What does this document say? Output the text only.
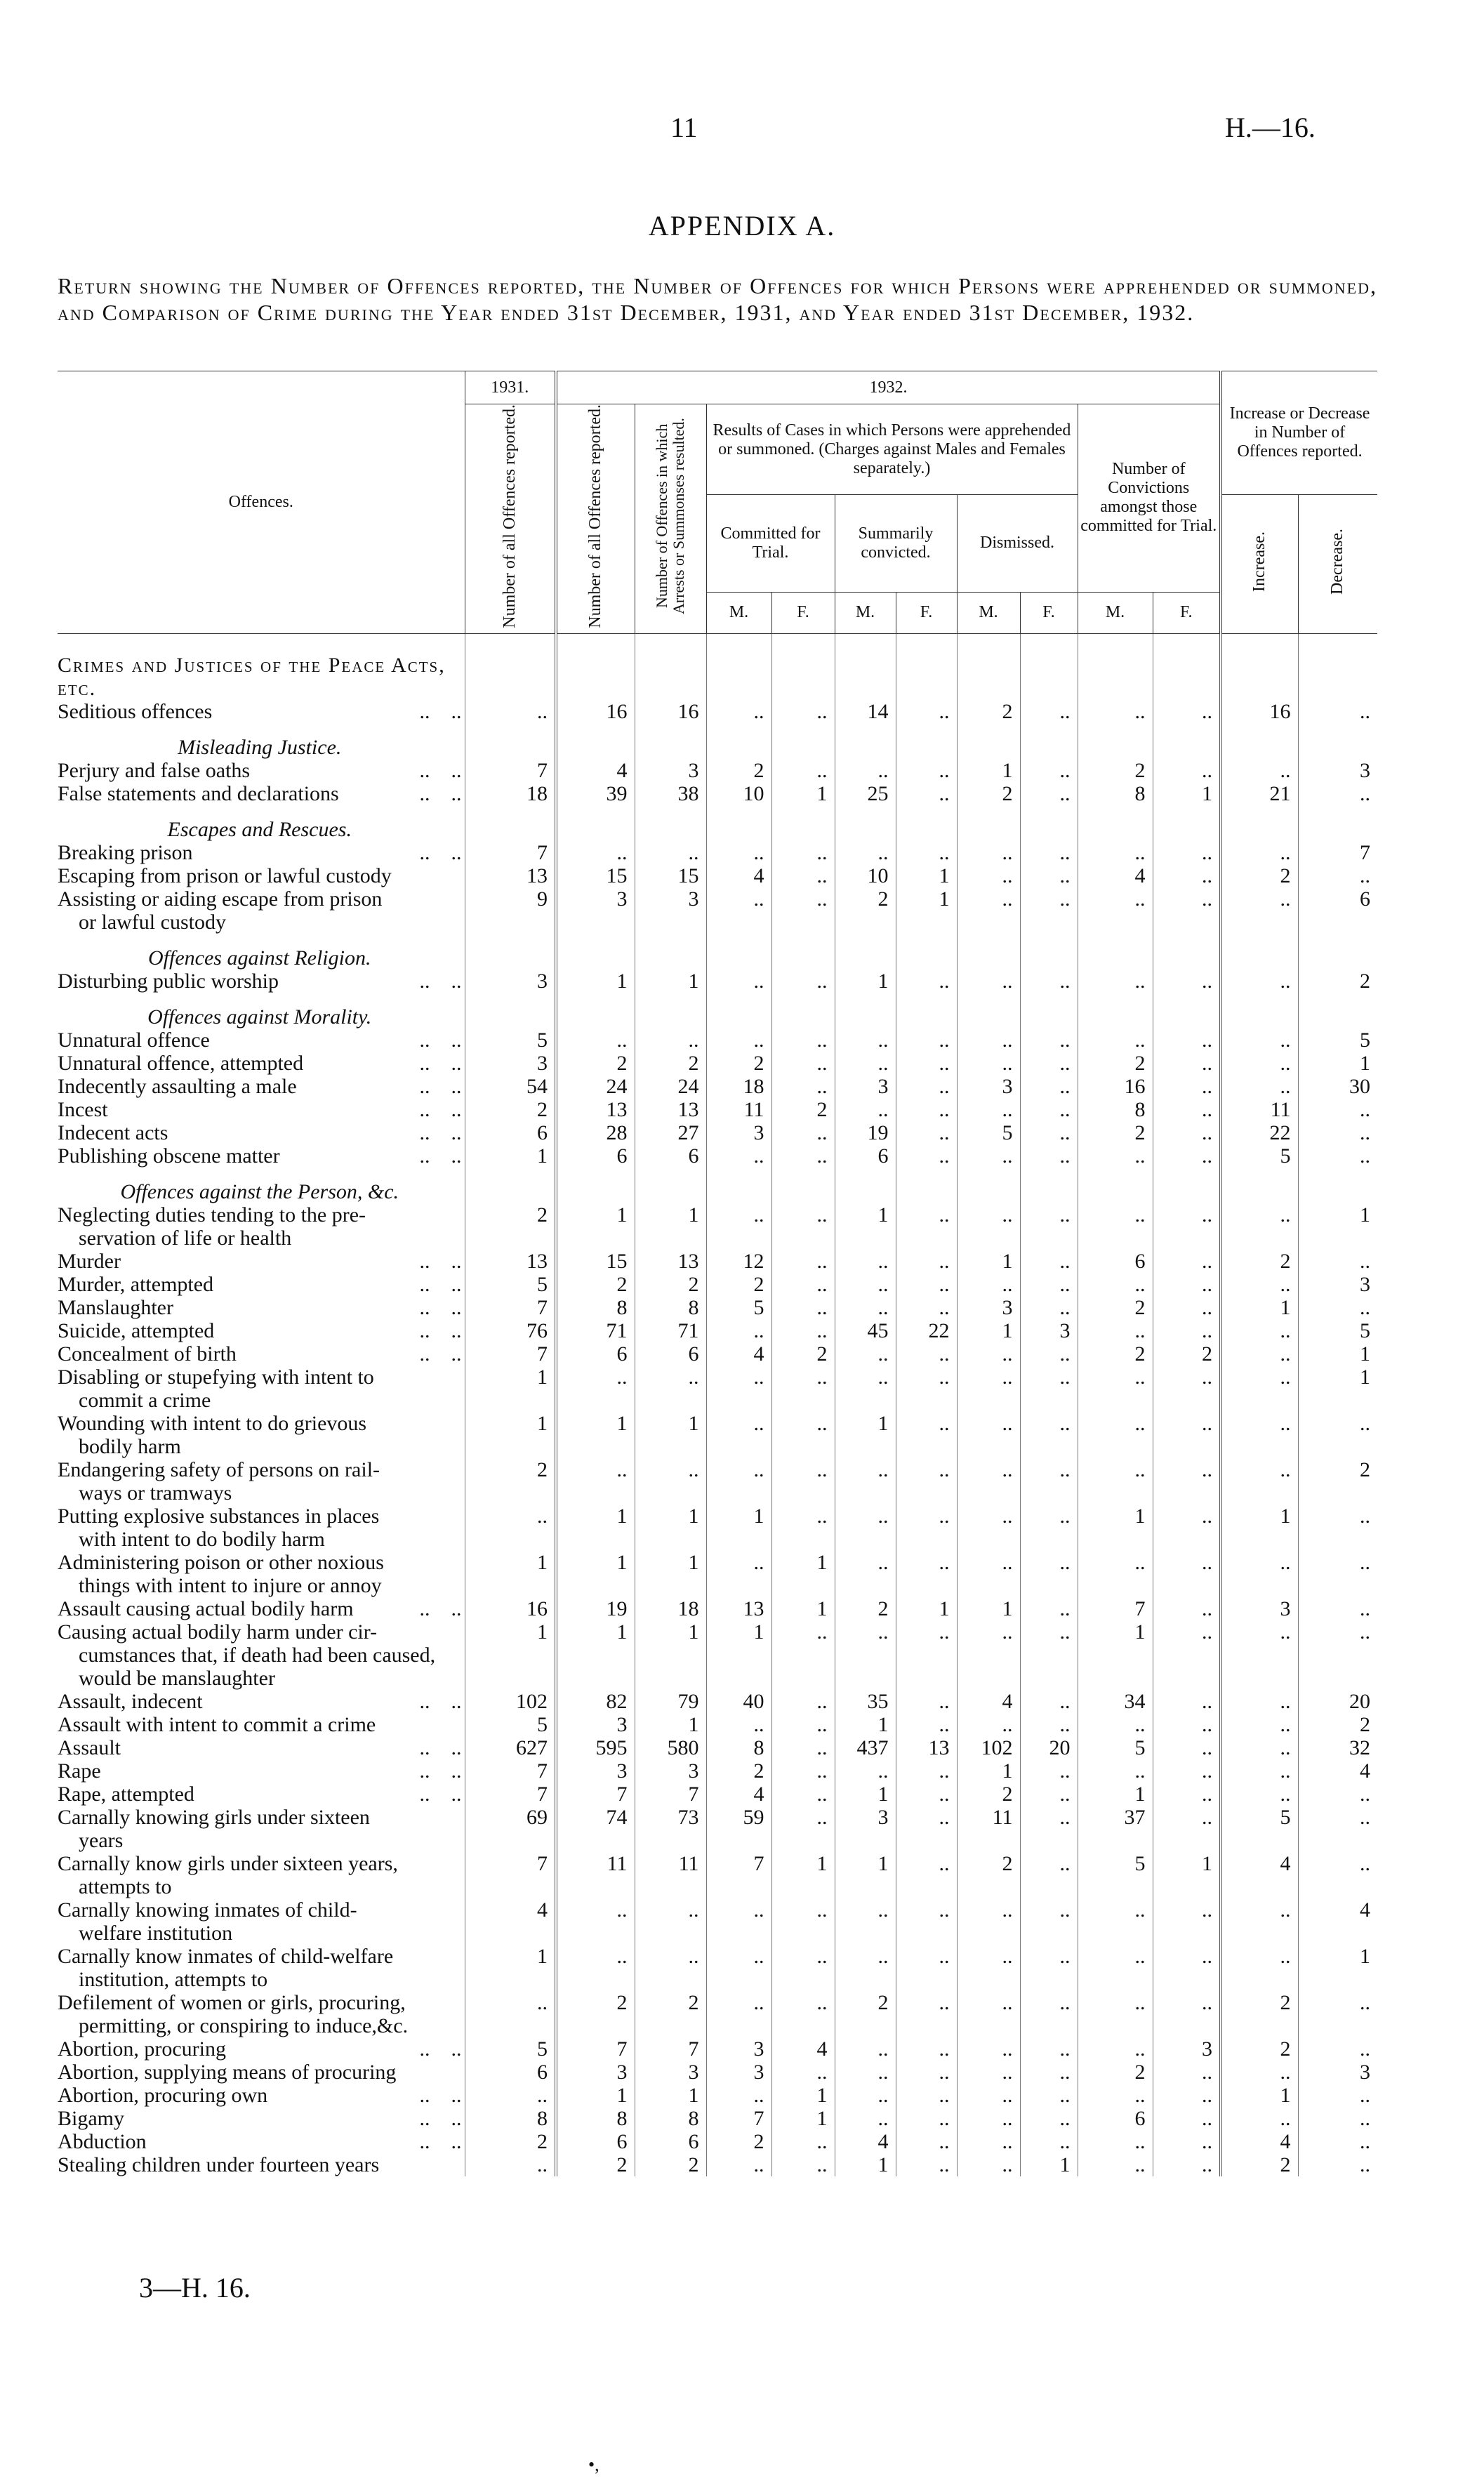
11	H.—16.
APPENDIX A.
Return showing the Number of Offences reported, the Number of Offences for which Persons were apprehended or summoned, and Comparison of Crime during the Year ended 31st December, 1931, and Year ended 31st December, 1932.
Offences.	1931.	1932.										Increase or Decrease in Number of Offences reported.	
	Number of all Offences reported.	Number of all Offences reported.	Number of Offences in which Arrests or Summonses resulted.	Results of Cases in which Persons were apprehended or summoned. (Charges against Males and Females separately.)						Number of Convictions amongst those committed for Trial.			
				Committed for Trial.		Summarily convicted.		Dismissed.				Increase.	Decrease.
				M.	F.	M.	F.	M.	F.	M.	F.		
Crimes and Justices of the Peace Acts, etc.													

Seditious offences  .. ..	..	16	16	..	..	14	..	2	..	..	..	16	..
Misleading Justice.													

Perjury and false oaths  .. ..	7	4	3	2	..	..	..	1	..	2	..	..	3

False statements and declarations  .. ..	18	39	38	10	1	25	..	2	..	8	1	21	..
Escapes and Rescues.													

Breaking prison  .. ..	7	..	..	..	..	..	..	..	..	..	..	..	7

Escaping from prison or lawful custody	13	15	15	4	..	10	1	..	..	4	..	2	..

Assisting or aiding escape from prison
or lawful custody	9	3	3	..	..	2	1	..	..	..	..	..	6
Offences against Religion.													

Disturbing public worship  .. ..	3	1	1	..	..	1	..	..	..	..	..	..	2
Offences against Morality.													

Unnatural offence  .. ..	5	..	..	..	..	..	..	..	..	..	..	..	5

Unnatural offence, attempted  .. ..	3	2	2	2	..	..	..	..	..	2	..	..	1

Indecently assaulting a male  .. ..	54	24	24	18	..	3	..	3	..	16	..	..	30

Incest  .. ..	2	13	13	11	2	..	..	..	..	8	..	11	..

Indecent acts  .. ..	6	28	27	3	..	19	..	5	..	2	..	22	..

Publishing obscene matter  .. ..	1	6	6	..	..	6	..	..	..	..	..	5	..
Offences against the Person, &c.													

Neglecting duties tending to the pre-
servation of life or health	2	1	1	..	..	1	..	..	..	..	..	..	1

Murder  .. ..	13	15	13	12	..	..	..	1	..	6	..	2	..

Murder, attempted  .. ..	5	2	2	2	..	..	..	..	..	..	..	..	3

Manslaughter  .. ..	7	8	8	5	..	..	..	3	..	2	..	1	..

Suicide, attempted  .. ..	76	71	71	..	..	45	22	1	3	..	..	..	5

Concealment of birth  .. ..	7	6	6	4	2	..	..	..	..	2	2	..	1

Disabling or stupefying with intent to
commit a crime	1	..	..	..	..	..	..	..	..	..	..	..	1

Wounding with intent to do grievous
bodily harm	1	1	1	..	..	1	..	..	..	..	..	..	..

Endangering safety of persons on rail-
ways or tramways	2	..	..	..	..	..	..	..	..	..	..	..	2

Putting explosive substances in places
with intent to do bodily harm	..	1	1	1	..	..	..	..	..	1	..	1	..

Administering poison or other noxious
things with intent to injure or annoy	1	1	1	..	1	..	..	..	..	..	..	..	..

Assault causing actual bodily harm  .. ..	16	19	18	13	1	2	1	1	..	7	..	3	..

Causing actual bodily harm under cir-
cumstances that, if death had been caused, would be manslaughter	1	1	1	1	..	..	..	..	..	1	..	..	..

Assault, indecent  .. ..	102	82	79	40	..	35	..	4	..	34	..	..	20

Assault with intent to commit a crime	5	3	1	..	..	1	..	..	..	..	..	..	2

Assault  .. ..	627	595	580	8	..	437	13	102	20	5	..	..	32

Rape  .. ..	7	3	3	2	..	..	..	1	..	..	..	..	4

Rape, attempted  .. ..	7	7	7	4	..	1	..	2	..	1	..	..	..

Carnally knowing girls under sixteen
years	69	74	73	59	..	3	..	11	..	37	..	5	..

Carnally know girls under sixteen years,
attempts to	7	11	11	7	1	1	..	2	..	5	1	4	..

Carnally knowing inmates of child-
welfare institution	4	..	..	..	..	..	..	..	..	..	..	..	4

Carnally know inmates of child-welfare
institution, attempts to	1	..	..	..	..	..	..	..	..	..	..	..	1

Defilement of women or girls, procuring,
permitting, or conspiring to induce,&c.	..	2	2	..	..	2	..	..	..	..	..	2	..

Abortion, procuring  .. ..	5	7	7	3	4	..	..	..	..	..	3	2	..

Abortion, supplying means of procuring	6	3	3	3	..	..	..	..	..	2	..	..	3

Abortion, procuring own  .. ..	..	1	1	..	1	..	..	..	..	..	..	1	..

Bigamy  .. ..	8	8	8	7	1	..	..	..	..	6	..	..	..

Abduction  .. ..	2	6	6	2	..	4	..	..	..	..	..	4	..

Stealing children under fourteen years	..	2	2	..	..	1	..	..	1	..	..	2	..
3—H. 16.
•,
